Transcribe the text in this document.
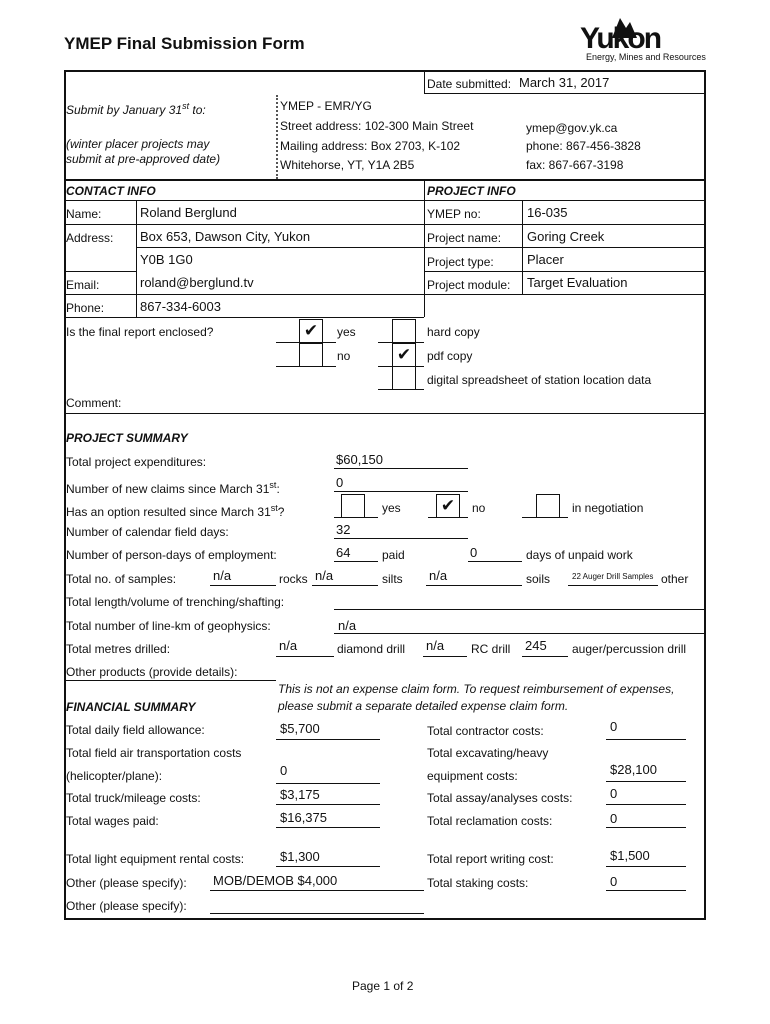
YMEP Final Submission Form	Yukon
Energy, Mines and Resources
Date submitted: March 31, 2017
Submit by January 31st to:
(winter placer projects may
submit at pre-approved date)
YMEP - EMR/YG
Street address: 102-300 Main Street
Mailing address: Box 2703, K-102
Whitehorse, YT, Y1A 2B5
ymep@gov.yk.ca
phone: 867-456-3828
fax: 867-667-3198
CONTACT INFO
Name:	Roland Berglund
Address: Box 653, Dawson City, Yukon
Y0B 1G0
Email:	roland@berglund.tv
Phone:	867-334-6003
PROJECT INFO
YMEP no:	16-035
Project name: Goring Creek
Project type:	Placer
Project module: Target Evaluation
Is the final report enclosed?	✔	yes
no
hard copy
✔	pdf copy
digital spreadsheet of station location data
Comment:
PROJECT SUMMARY
Total project expenditures:	$60,150
Number of new claims since March 31st:	0
Has an option resulted since March 31st?	yes ✔	no	in negotiation
Number of calendar field days:	32
Number of person-days of employment:	64	paid	0	days of unpaid work
Total no. of samples:	n/a	rocks n/a	silts n/a	soils	22 Auger Drill Samples other
Total length/volume of trenching/shafting:
Total number of line-km of geophysics:	n/a
Total metres drilled:	n/a	diamond drill n/a RC drill 245 auger/percussion drill
Other products (provide details):
This is not an expense claim form. To request reimbursement of expenses,
please submit a separate detailed expense claim form.
FINANCIAL SUMMARY
Total daily field allowance:	$5,700
Total field air transportation costs
(helicopter/plane):	0
Total truck/mileage costs:	$3,175
Total wages paid:	$16,375
Total light equipment rental costs:	$1,300
Other (please specify): MOB/DEMOB $4,000
Other (please specify):
Total contractor costs:	0
Total excavating/heavy
equipment costs:	$28,100
Total assay/analyses costs:	0
Total reclamation costs:	0
Total report writing cost:	$1,500
Total staking costs:	0
Page 1 of 2
